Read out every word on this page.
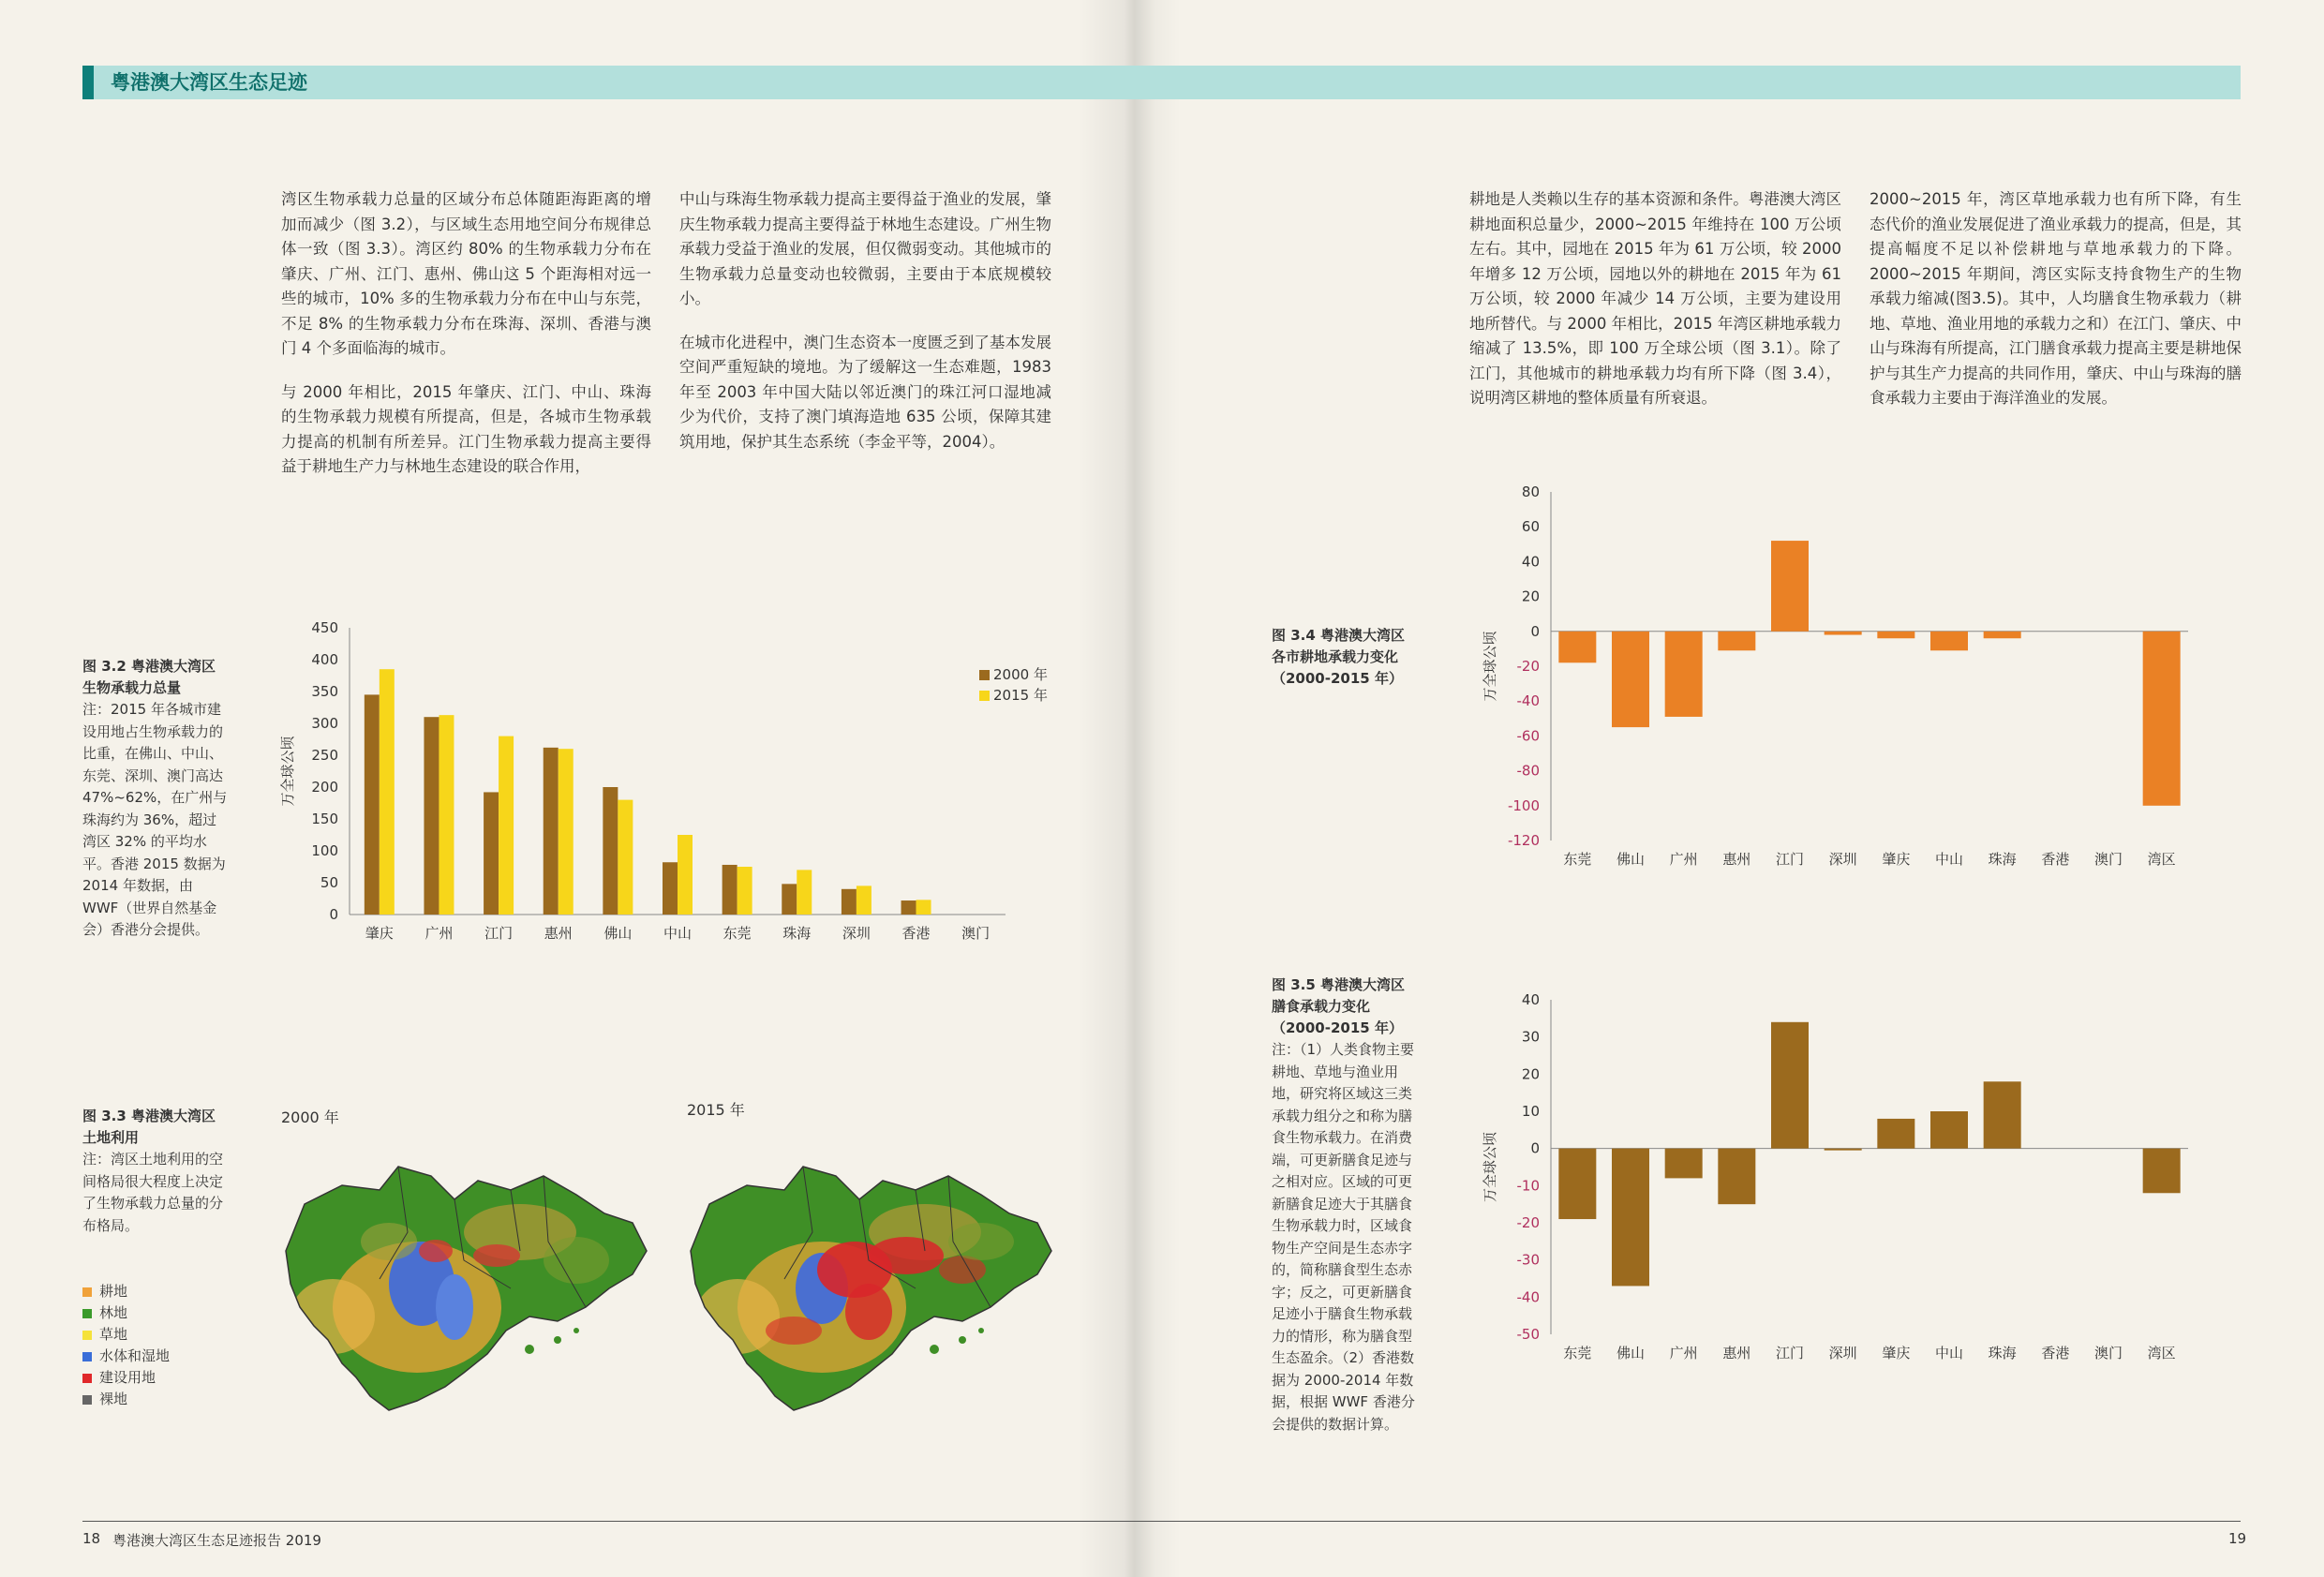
粤港澳大湾区生态足迹

湾区生物承载力总量的区域分布总体随距海距离的增加而减少（图 3.2），与区域生态用地空间分布规律总体一致（图 3.3）。湾区约 80% 的生物承载力分布在肇庆、广州、江门、惠州、佛山这 5 个距海相对远一些的城市，10% 多的生物承载力分布在中山与东莞，不足 8% 的生物承载力分布在珠海、深圳、香港与澳门 4 个多面临海的城市。

与 2000 年相比，2015 年肇庆、江门、中山、珠海的生物承载力规模有所提高，但是，各城市生物承载力提高的机制有所差异。江门生物承载力提高主要得益于耕地生产力与林地生态建设的联合作用，

中山与珠海生物承载力提高主要得益于渔业的发展，肇庆生物承载力提高主要得益于林地生态建设。广州生物承载力受益于渔业的发展，但仅微弱变动。其他城市的生物承载力总量变动也较微弱，主要由于本底规模较小。

在城市化进程中，澳门生态资本一度匮乏到了基本发展空间严重短缺的境地。为了缓解这一生态难题，1983 年至 2003 年中国大陆以邻近澳门的珠江河口湿地减少为代价，支持了澳门填海造地 635 公顷，保障其建筑用地，保护其生态系统（李金平等，2004）。

耕地是人类赖以生存的基本资源和条件。粤港澳大湾区耕地面积总量少，2000~2015 年维持在 100 万公顷左右。其中，园地在 2015 年为 61 万公顷，较 2000 年增多 12 万公顷，园地以外的耕地在 2015 年为 61 万公顷，较 2000 年减少 14 万公顷，主要为建设用地所替代。与 2000 年相比，2015 年湾区耕地承载力缩减了 13.5%，即 100 万全球公顷（图 3.1）。除了江门，其他城市的耕地承载力均有所下降（图 3.4），说明湾区耕地的整体质量有所衰退。

2000~2015 年，湾区草地承载力也有所下降，有生态代价的渔业发展促进了渔业承载力的提高，但是，其提高幅度不足以补偿耕地与草地承载力的下降。2000~2015 年期间，湾区实际支持食物生产的生物承载力缩减(图3.5)。其中，人均膳食生物承载力（耕地、草地、渔业用地的承载力之和）在江门、肇庆、中山与珠海有所提高，江门膳食承载力提高主要是耕地保护与其生产力提高的共同作用，肇庆、中山与珠海的膳食承载力主要由于海洋渔业的发展。

图 3.2 粤港澳大湾区生物承载力总量
注：2015 年各城市建设用地占生物承载力的比重，在佛山、中山、东莞、深圳、澳门高达 47%~62%，在广州与珠海约为 36%，超过湾区 32% 的平均水平。香港 2015 数据为 2014 年数据，由 WWF（世界自然基金会）香港分会提供。
0
50
100
150
200
250
300
350
400
450
万全球公顷
肇庆 广州 江门 惠州 佛山 中山 东莞 珠海 深圳 香港 澳门
2000 年
2015 年
图 3.3 粤港澳大湾区土地利用
注：湾区土地利用的空间格局很大程度上决定了生物承载力总量的分布格局。
耕地
林地
草地
水体和湿地
建设用地
裸地
2000 年	2015 年
图 3.4 粤港澳大湾区各市耕地承载力变化（2000-2015 年）
80
60
40
20
0
-20
-40
-60
-80
-100
-120
万全球公顷
东莞 佛山 广州 惠州 江门 深圳 肇庆 中山 珠海 香港 澳门 湾区
图 3.5 粤港澳大湾区膳食承载力变化（2000-2015 年）
注：（1）人类食物主要耕地、草地与渔业用地，研究将区域这三类承载力组分之和称为膳食生物承载力。在消费端，可更新膳食足迹与之相对应。区域的可更新膳食足迹大于其膳食生物承载力时，区域食物生产空间是生态赤字的，简称膳食型生态赤字；反之，可更新膳食足迹小于膳食生物承载力的情形，称为膳食型生态盈余。（2）香港数据为 2000-2014 年数据，根据 WWF 香港分会提供的数据计算。
40
30
20
10
0
-10
-20
-30
-40
-50
万全球公顷
东莞 佛山 广州 惠州 江门 深圳 肇庆 中山 珠海 香港 澳门 湾区
18 粤港澳大湾区生态足迹报告 2019	19
